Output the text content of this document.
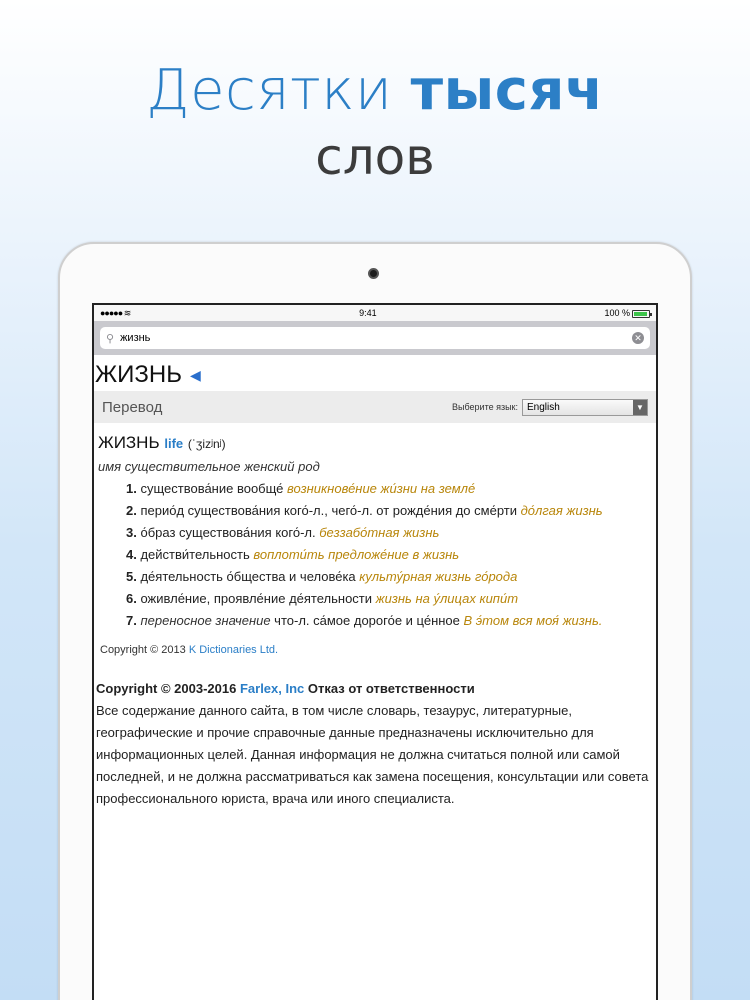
Десятки тысяч
слов
●●●●● ≋	9:41	100 %
⚲ жизнь	✕
ЖИЗНЬ ◀
Перевод	Выберите язык: English	▼
ЖИЗНЬ life (ˈʒizʲnʲ)
имя существительное женский род
1. существова́ние вообще́ возникнове́ние жи́зни на земле́
2. перио́д существова́ния кого́-л., чего́-л. от рожде́ния до сме́рти до́лгая жизнь
3. о́браз существова́ния кого́-л. беззабо́тная жизнь
4. действи́тельность воплоти́ть предложе́ние в жизнь
5. де́ятельность о́бщества и челове́ка культу́рная жизнь го́рода
6. оживле́ние, проявле́ние де́ятельности жизнь на у́лицах кипи́т
7. переносное значение что-л. са́мое дорого́е и це́нное В э́том вся моя́ жизнь.
Copyright © 2013 K Dictionaries Ltd.
Copyright © 2003-2016 Farlex, Inc Отказ от ответственности
Все содержание данного сайта, в том числе словарь, тезаурус, литературные, географические и прочие справочные данные предназначены исключительно для информационных целей. Данная информация не должна считаться полной или самой последней, и не должна рассматриваться как замена посещения, консультации или совета профессионального юриста, врача или иного специалиста.
